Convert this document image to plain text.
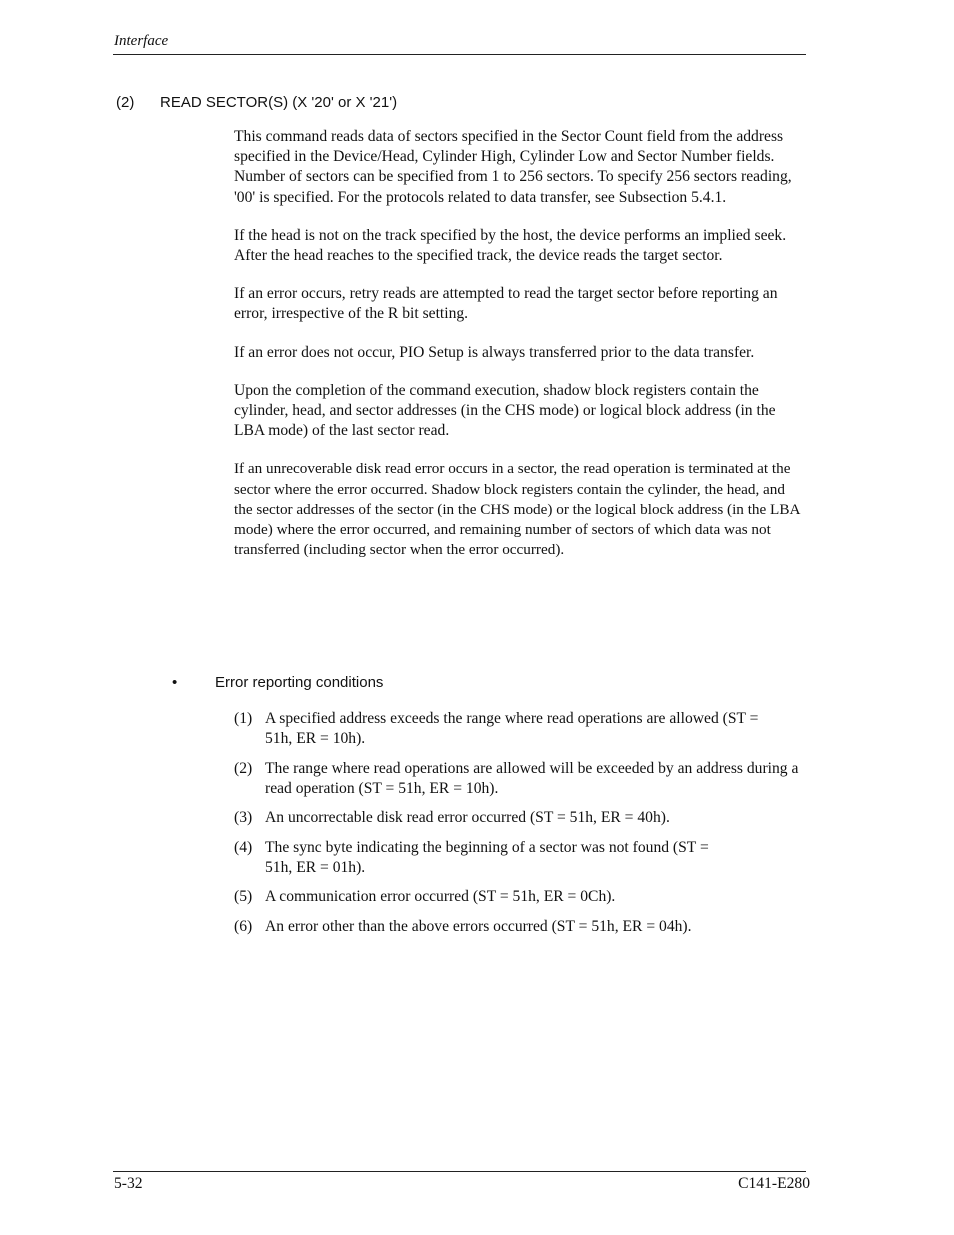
Interface
(2) READ SECTOR(S) (X '20' or X '21')

This command reads data of sectors specified in the Sector Count field from the address specified in the Device/Head, Cylinder High, Cylinder Low and Sector Number fields. Number of sectors can be specified from 1 to 256 sectors. To specify 256 sectors reading, '00' is specified. For the protocols related to data transfer, see Subsection 5.4.1.

If the head is not on the track specified by the host, the device performs an implied seek. After the head reaches to the specified track, the device reads the target sector.

If an error occurs, retry reads are attempted to read the target sector before reporting an error, irrespective of the R bit setting.

If an error does not occur, PIO Setup is always transferred prior to the data transfer.

Upon the completion of the command execution, shadow block registers contain the cylinder, head, and sector addresses (in the CHS mode) or logical block address (in the LBA mode) of the last sector read.

If an unrecoverable disk read error occurs in a sector, the read operation is terminated at the sector where the error occurred. Shadow block registers contain the cylinder, the head, and the sector addresses of the sector (in the CHS mode) or the logical block address (in the LBA mode) where the error occurred, and remaining number of sectors of which data was not transferred (including sector when the error occurred).

•	Error reporting conditions
(1) A specified address exceeds the range where read operations are allowed (ST = 51h, ER = 10h).
(2) The range where read operations are allowed will be exceeded by an address during a read operation (ST = 51h, ER = 10h).
(3) An uncorrectable disk read error occurred (ST = 51h, ER = 40h).
(4) The sync byte indicating the beginning of a sector was not found (ST = 51h, ER = 01h).
(5) A communication error occurred (ST = 51h, ER = 0Ch).
(6) An error other than the above errors occurred (ST = 51h, ER = 04h).
5-32	C141-E280
